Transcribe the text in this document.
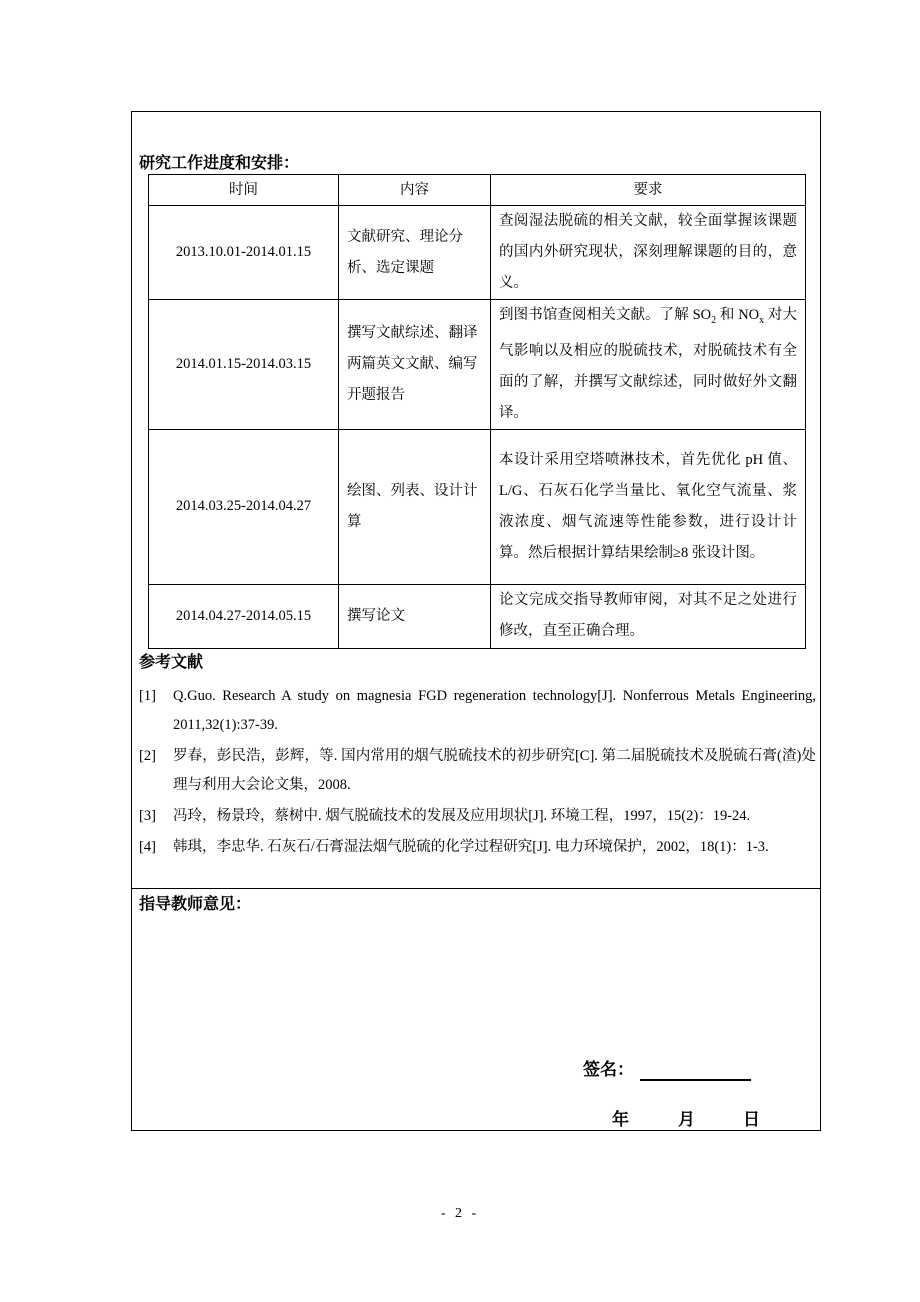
研究工作进度和安排：
时间	内容	要求
2013.10.01-2014.01.15	文献研究、理论分析、选定课题	查阅湿法脱硫的相关文献，较全面掌握该课题的国内外研究现状，深刻理解课题的目的，意义。
2014.01.15-2014.03.15	撰写文献综述、翻译两篇英文文献、编写开题报告	到图书馆查阅相关文献。了解 $SO_2$ 和 $NO_x$ 对大气影响以及相应的脱硫技术，对脱硫技术有全面的了解，并撰写文献综述，同时做好外文翻译。
2014.03.25-2014.04.27	绘图、列表、设计计算	本设计采用空塔喷淋技术，首先优化 pH 值、L/G、石灰石化学当量比、氧化空气流量、浆液浓度、烟气流速等性能参数，进行设计计算。然后根据计算结果绘制≥8 张设计图。
2014.04.27-2014.05.15	撰写论文	论文完成交指导教师审阅，对其不足之处进行修改，直至正确合理。
参考文献
[1]	Q.Guo. Research A study on magnesia FGD regeneration technology[J]. Nonferrous Metals Engineering, 2011,32(1):37-39.
[2]	罗春，彭民浩，彭辉，等. 国内常用的烟气脱硫技术的初步研究[C]. 第二届脱硫技术及脱硫石膏(渣)处理与利用大会论文集，2008.
[3]	冯玲，杨景玲，蔡树中. 烟气脱硫技术的发展及应用坝状[J]. 环境工程，1997，15(2)：19-24.
[4]	韩琪，李忠华. 石灰石/石膏湿法烟气脱硫的化学过程研究[J]. 电力环境保护，2002，18(1)：1-3.
指导教师意见：
签名：
年	月	日
- 2 -
